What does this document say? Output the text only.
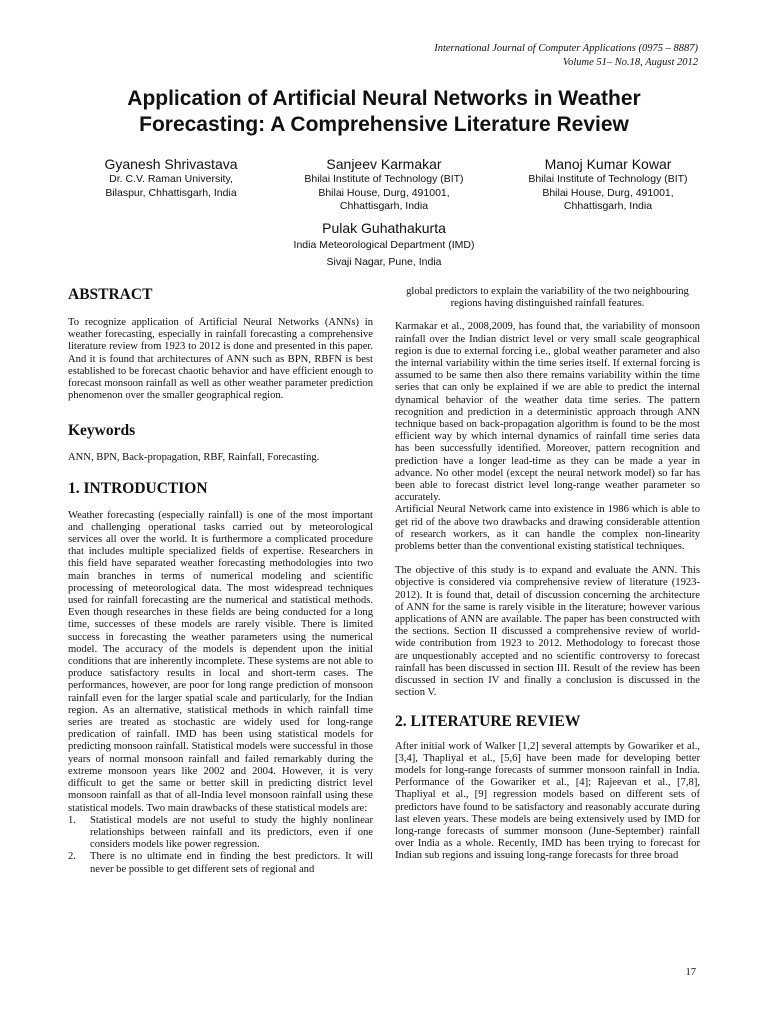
International Journal of Computer Applications (0975 – 8887)
Volume 51– No.18, August 2012
Application of Artificial Neural Networks in Weather
Forecasting: A Comprehensive Literature Review
Gyanesh Shrivastava
Dr. C.V. Raman University,
Bilaspur, Chhattisgarh, India
Sanjeev Karmakar
Bhilai Institute of Technology (BIT)
Bhilai House, Durg, 491001,
Chhattisgarh, India
Manoj Kumar Kowar
Bhilai Institute of Technology (BIT)
Bhilai House, Durg, 491001,
Chhattisgarh, India
Pulak Guhathakurta
India Meteorological Department (IMD)
Sivaji Nagar, Pune, India
ABSTRACT

To recognize application of Artificial Neural Networks (ANNs) in weather forecasting, especially in rainfall forecasting a comprehensive literature review from 1923 to 2012 is done and presented in this paper. And it is found that architectures of ANN such as BPN, RBFN is best established to be forecast chaotic behavior and have efficient enough to forecast monsoon rainfall as well as other weather parameter prediction phenomenon over the smaller geographical region.

Keywords

ANN, BPN, Back-propagation, RBF, Rainfall, Forecasting.

1. INTRODUCTION

Weather forecasting (especially rainfall) is one of the most important and challenging operational tasks carried out by meteorological services all over the world. It is furthermore a complicated procedure that includes multiple specialized fields of expertise. Researchers in this field have separated weather forecasting methodologies into two main branches in terms of numerical modeling and scientific processing of meteorological data. The most widespread techniques used for rainfall forecasting are the numerical and statistical methods. Even though researches in these fields are being conducted for a long time, successes of these models are rarely visible. There is limited success in forecasting the weather parameters using the numerical model. The accuracy of the models is dependent upon the initial conditions that are inherently incomplete. These systems are not able to produce satisfactory results in local and short-term cases. The performances, however, are poor for long range prediction of monsoon rainfall even for the larger spatial scale and particularly, for the Indian region. As an alternative, statistical methods in which rainfall time series are treated as stochastic are widely used for long-range predication of rainfall. IMD has been using statistical models for predicting monsoon rainfall. Statistical models were successful in those years of normal monsoon rainfall and failed remarkably during the extreme monsoon years like 2002 and 2004. However, it is very difficult to get the same or better skill in predicting district level monsoon rainfall as that of all-India level monsoon rainfall using these statistical models. Two main drawbacks of these statistical models are:

1.	Statistical models are not useful to study the highly nonlinear relationships between rainfall and its predictors, even if one considers models like power regression.
2.	There is no ultimate end in finding the best predictors. It will never be possible to get different sets of regional and

global predictors to explain the variability of the two neighbouring regions having distinguished rainfall features.

Karmakar et al., 2008,2009, has found that, the variability of monsoon rainfall over the Indian district level or very small scale geographical region is due to external forcing i.e., global weather parameter and also the internal variability within the time series itself. If external forcing is assumed to be same then also there remains variability within the time series that can only be explained if we are able to predict the internal dynamical behavior of the weather data time series. The pattern recognition and prediction in a deterministic approach through ANN technique based on back-propagation algorithm is found to be the most efficient way by which internal dynamics of rainfall time series data has been successfully identified. Moreover, pattern recognition and prediction have a longer lead-time as they can be made a year in advance. No other model (except the neural network model) so far has been able to forecast district level long-range weather parameter so accurately.

Artificial Neural Network came into existence in 1986 which is able to get rid of the above two drawbacks and drawing considerable attention of research workers, as it can handle the complex non-linearity problems better than the conventional existing statistical techniques.

The objective of this study is to expand and evaluate the ANN. This objective is considered via comprehensive review of literature (1923-2012). It is found that, detail of discussion concerning the architecture of ANN for the same is rarely visible in the literature; however various applications of ANN are available. The paper has been constructed with the sections. Section II discussed a comprehensive review of world-wide contribution from 1923 to 2012. Methodology to forecast those are unquestionably accepted and no scientific controversy to forecast rainfall has been discussed in section III. Result of the review has been discussed in section IV and finally a conclusion is discussed in the section V.

2. LITERATURE REVIEW

After initial work of Walker [1,2] several attempts by Gowariker et al., [3,4], Thapliyal et al., [5,6] have been made for developing better models for long-range forecasts of summer monsoon rainfall in India. Performance of the Gowariker et al., [4]; Rajeevan et al., [7,8], Thapliyal et al., [9] regression models based on different sets of predictors have found to be satisfactory and reasonably accurate during last eleven years. These models are being extensively used by IMD for long-range forecasts of summer monsoon (June-September) rainfall over India as a whole. Recently, IMD has been trying to forecast for Indian sub regions and issuing long-range forecasts for three broad

17
